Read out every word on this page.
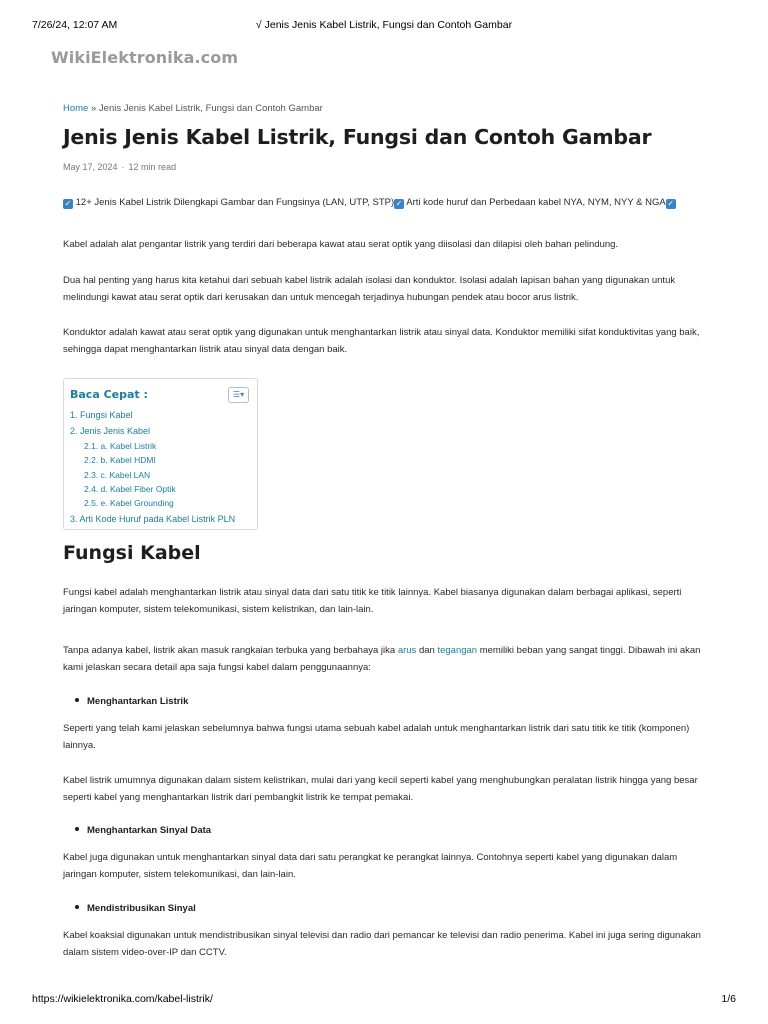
7/26/24, 12:07 AM	√ Jenis Jenis Kabel Listrik, Fungsi dan Contoh Gambar
WikiElektronika.com
Home » Jenis Jenis Kabel Listrik, Fungsi dan Contoh Gambar
Jenis Jenis Kabel Listrik, Fungsi dan Contoh Gambar
May 17, 2024 · 12 min read

✓ 12+ Jenis Kabel Listrik Dilengkapi Gambar dan Fungsinya (LAN, UTP, STP) ✓ Arti kode huruf dan Perbedaan kabel NYA, NYM, NYY & NGA ✓

Kabel adalah alat pengantar listrik yang terdiri dari beberapa kawat atau serat optik yang diisolasi dan dilapisi oleh bahan pelindung.

Dua hal penting yang harus kita ketahui dari sebuah kabel listrik adalah isolasi dan konduktor. Isolasi adalah lapisan bahan yang digunakan untuk melindungi kawat atau serat optik dari kerusakan dan untuk mencegah terjadinya hubungan pendek atau bocor arus listrik.

Konduktor adalah kawat atau serat optik yang digunakan untuk menghantarkan listrik atau sinyal data. Konduktor memiliki sifat konduktivitas yang baik, sehingga dapat menghantarkan listrik atau sinyal data dengan baik.

Baca Cepat :	☰▾
1. Fungsi Kabel
2. Jenis Jenis Kabel
2.1. a. Kabel Listrik
2.2. b. Kabel HDMI
2.3. c. Kabel LAN
2.4. d. Kabel Fiber Optik
2.5. e. Kabel Grounding
3. Arti Kode Huruf pada Kabel Listrik PLN
Fungsi Kabel

Fungsi kabel adalah menghantarkan listrik atau sinyal data dari satu titik ke titik lainnya. Kabel biasanya digunakan dalam berbagai aplikasi, seperti jaringan komputer, sistem telekomunikasi, sistem kelistrikan, dan lain-lain.

Tanpa adanya kabel, listrik akan masuk rangkaian terbuka yang berbahaya jika arus dan tegangan memiliki beban yang sangat tinggi. Dibawah ini akan kami jelaskan secara detail apa saja fungsi kabel dalam penggunaannya:

Menghantarkan Listrik

Seperti yang telah kami jelaskan sebelumnya bahwa fungsi utama sebuah kabel adalah untuk menghantarkan listrik dari satu titik ke titik (komponen) lainnya.

Kabel listrik umumnya digunakan dalam sistem kelistrikan, mulai dari yang kecil seperti kabel yang menghubungkan peralatan listrik hingga yang besar seperti kabel yang menghantarkan listrik dari pembangkit listrik ke tempat pemakai.

Menghantarkan Sinyal Data

Kabel juga digunakan untuk menghantarkan sinyal data dari satu perangkat ke perangkat lainnya. Contohnya seperti kabel yang digunakan dalam jaringan komputer, sistem telekomunikasi, dan lain-lain.

Mendistribusikan Sinyal

Kabel koaksial digunakan untuk mendistribusikan sinyal televisi dan radio dari pemancar ke televisi dan radio penerima. Kabel ini juga sering digunakan dalam sistem video-over-IP dan CCTV.

https://wikielektronika.com/kabel-listrik/	1/6
